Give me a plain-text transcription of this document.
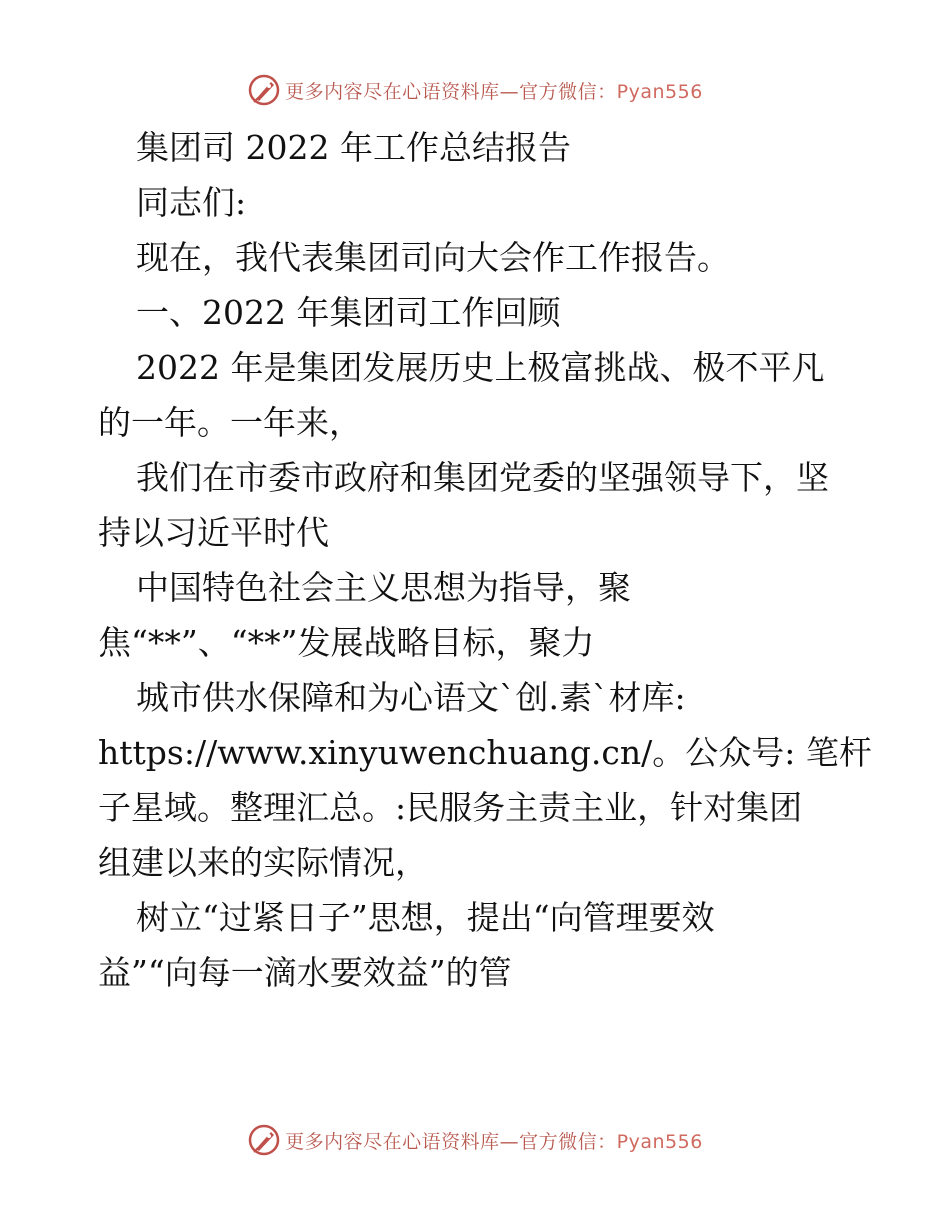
更多内容尽在心语资料库—官方微信：Pyan556
集团司 2022 年工作总结报告
同志们:
现在，我代表集团司向大会作工作报告。
一、2022 年集团司工作回顾
2022 年是集团发展历史上极富挑战、极不平凡
的一年。一年来，
我们在市委市政府和集团党委的坚强领导下，坚
持以习近平时代
中国特色社会主义思想为指导，聚
焦“**”、“**”发展战略目标，聚力
城市供水保障和为心语文`创.素`材库:
https://www.xinyuwenchuang.cn/。公众号: 笔杆
子星域。整理汇总。:民服务主责主业，针对集团
组建以来的实际情况，
树立“过紧日子”思想，提出“向管理要效
益”“向每一滴水要效益”的管
更多内容尽在心语资料库—官方微信：Pyan556
